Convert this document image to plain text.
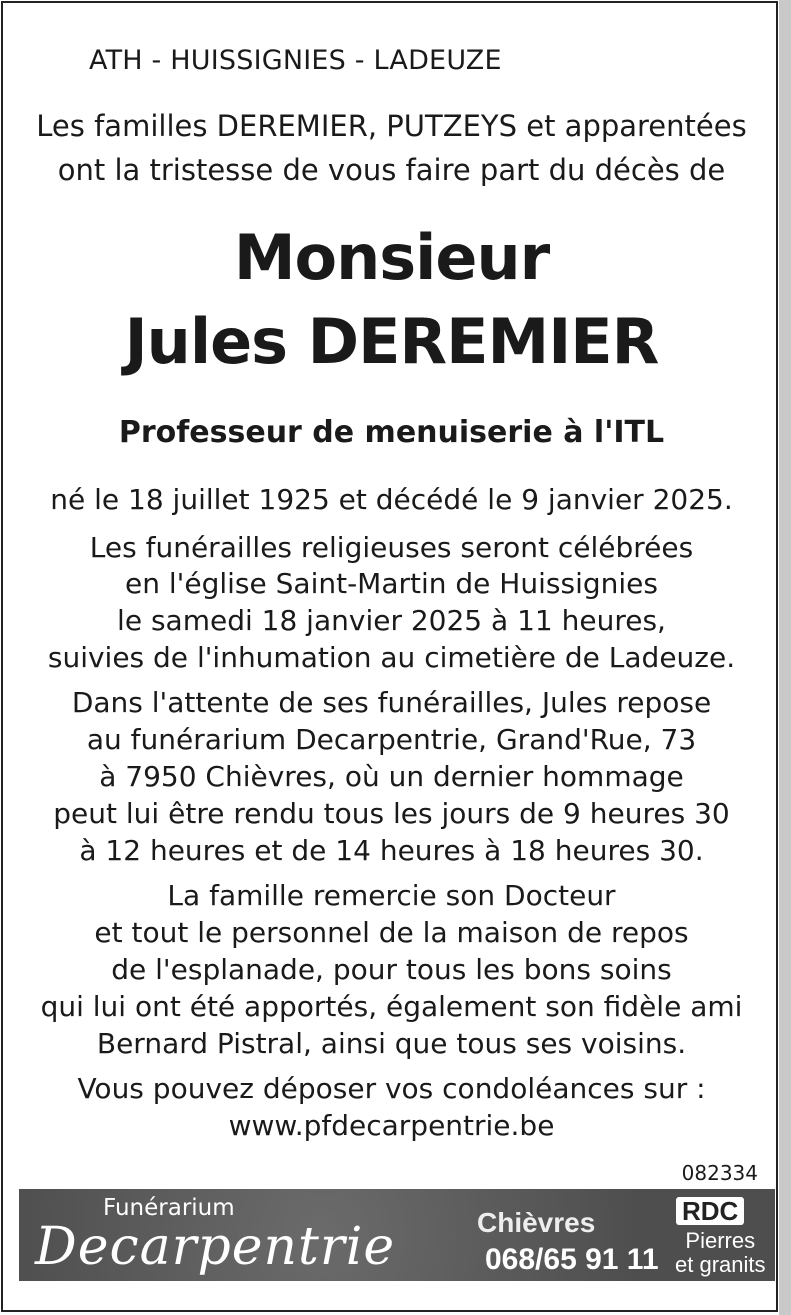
ATH - HUISSIGNIES - LADEUZE
Les familles DEREMIER, PUTZEYS et apparentées
ont la tristesse de vous faire part du décès de
Monsieur
Jules DEREMIER
Professeur de menuiserie à l'ITL
né le 18 juillet 1925 et décédé le 9 janvier 2025.
Les funérailles religieuses seront célébrées
en l'église Saint-Martin de Huissignies
le samedi 18 janvier 2025 à 11 heures,
suivies de l'inhumation au cimetière de Ladeuze.
Dans l'attente de ses funérailles, Jules repose
au funérarium Decarpentrie, Grand'Rue, 73
à 7950 Chièvres, où un dernier hommage
peut lui être rendu tous les jours de 9 heures 30
à 12 heures et de 14 heures à 18 heures 30.
La famille remercie son Docteur
et tout le personnel de la maison de repos
de l'esplanade, pour tous les bons soins
qui lui ont été apportés, également son fidèle ami
Bernard Pistral, ainsi que tous ses voisins.
Vous pouvez déposer vos condoléances sur :
www.pfdecarpentrie.be
082334
Funérarium
Decarpentrie	Chièvres
068/65 91 11
RDC
Pierres
et granits
